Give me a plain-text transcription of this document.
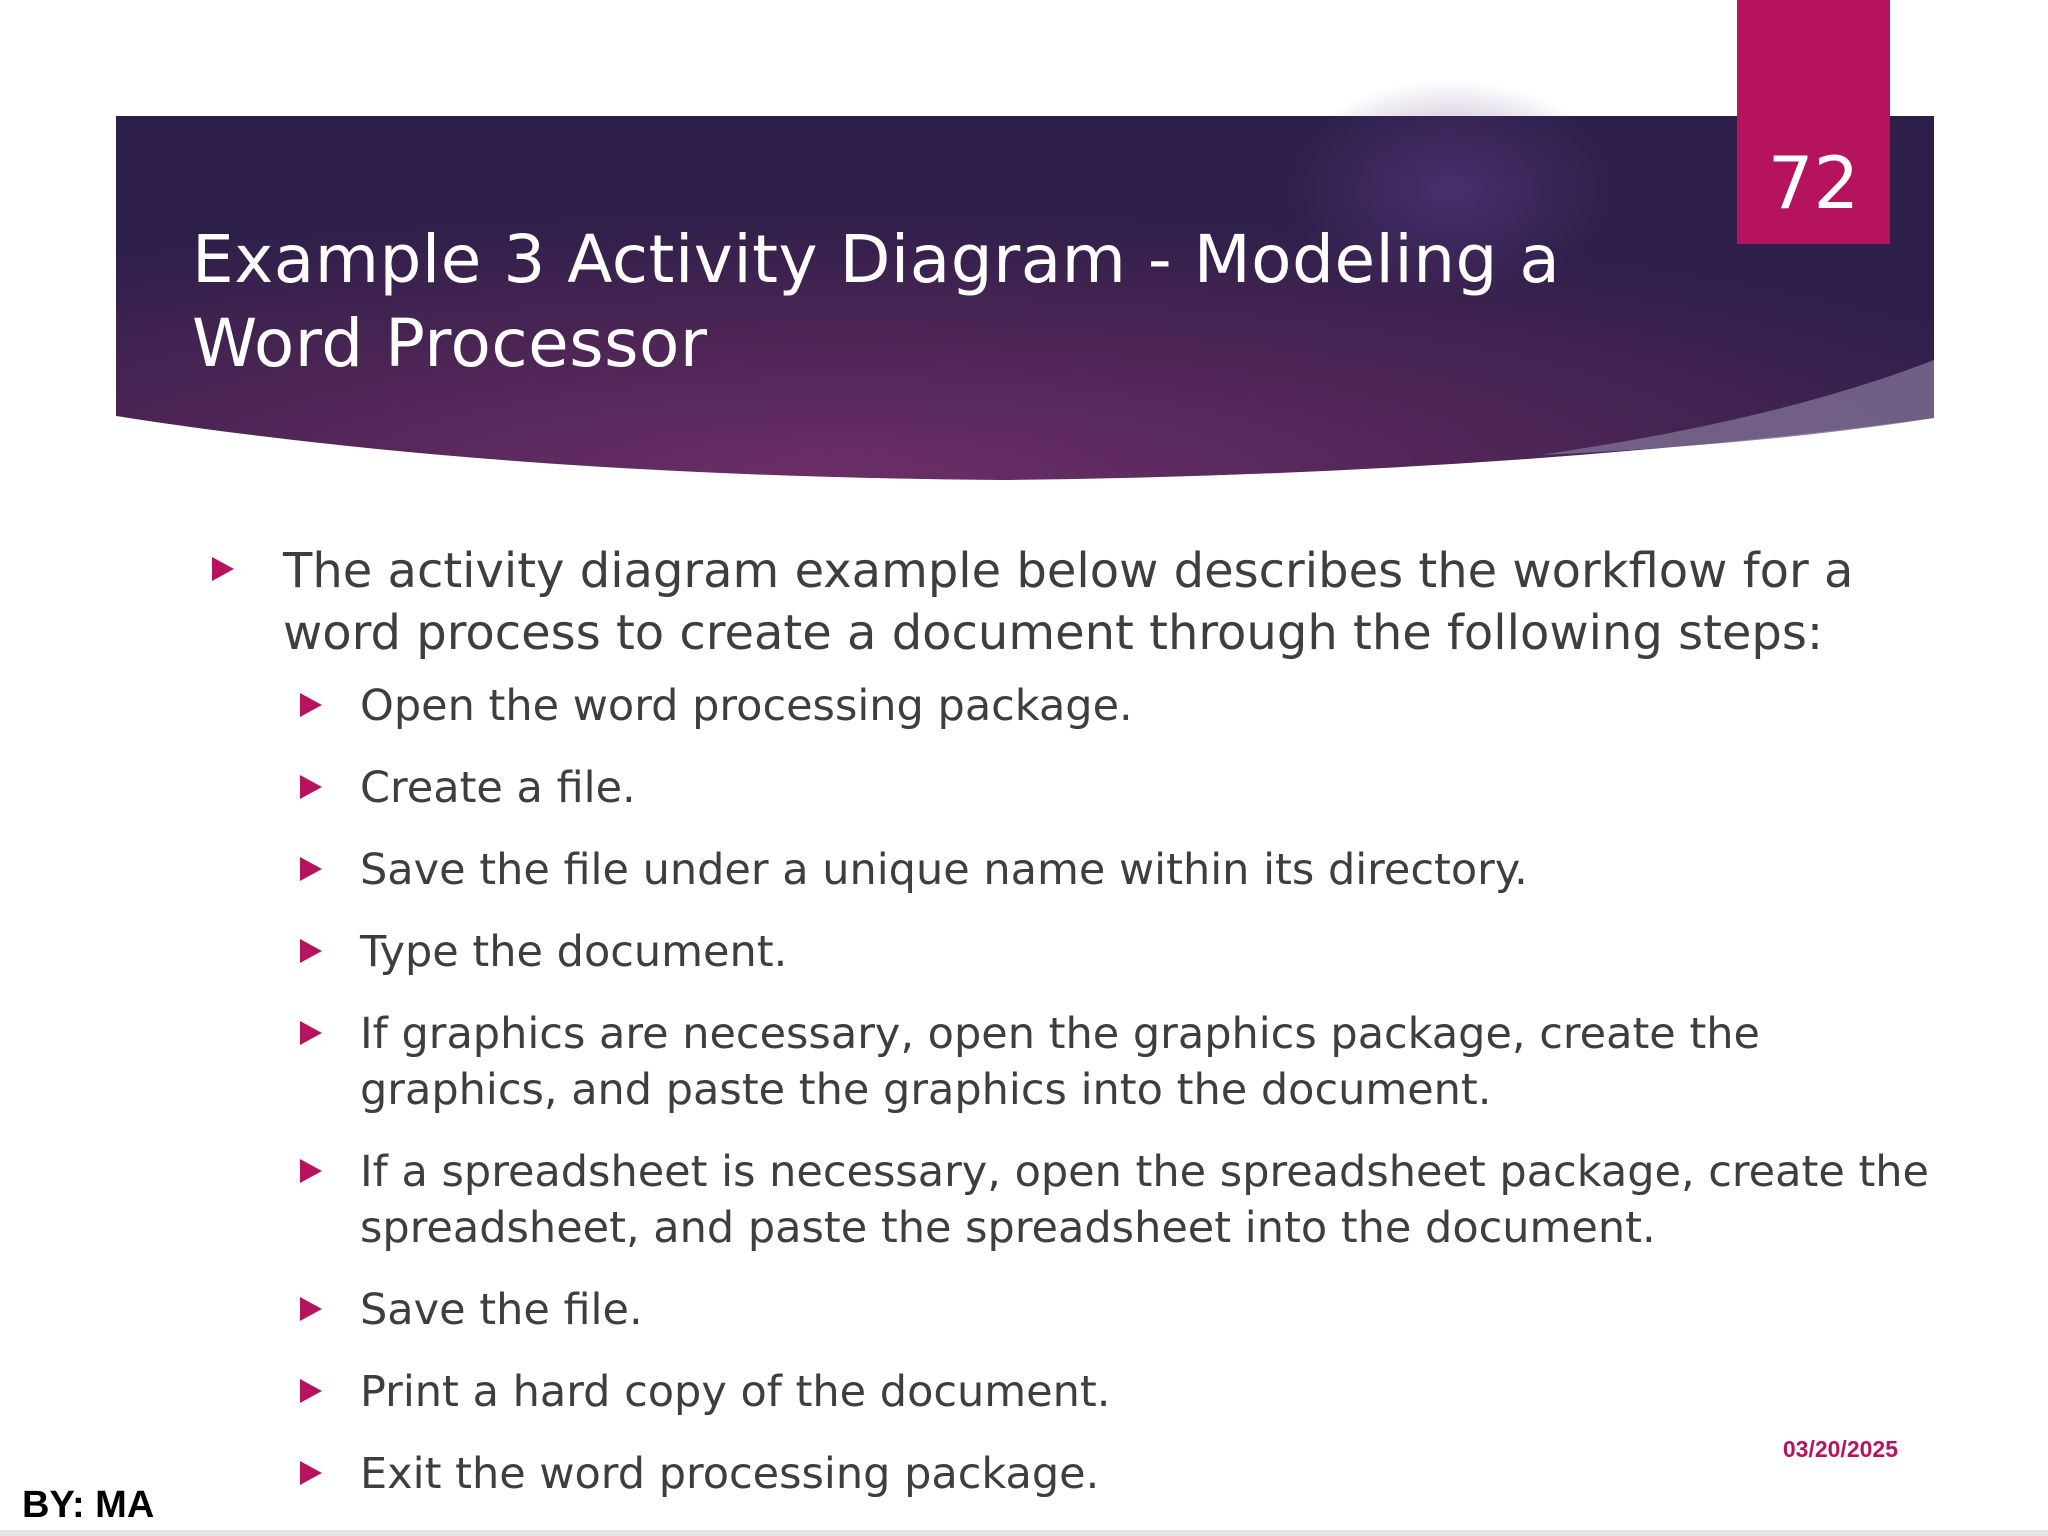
Example 3 Activity Diagram - Modeling a Word Processor
72
The activity diagram example below describes the workflow for a word process to create a document through the following steps:
Open the word processing package.
Create a file.
Save the file under a unique name within its directory.
Type the document.
If graphics are necessary, open the graphics package, create the graphics, and paste the graphics into the document.
If a spreadsheet is necessary, open the spreadsheet package, create the spreadsheet, and paste the spreadsheet into the document.
Save the file.
Print a hard copy of the document.
Exit the word processing package.	03/20/2025
BY: MA
